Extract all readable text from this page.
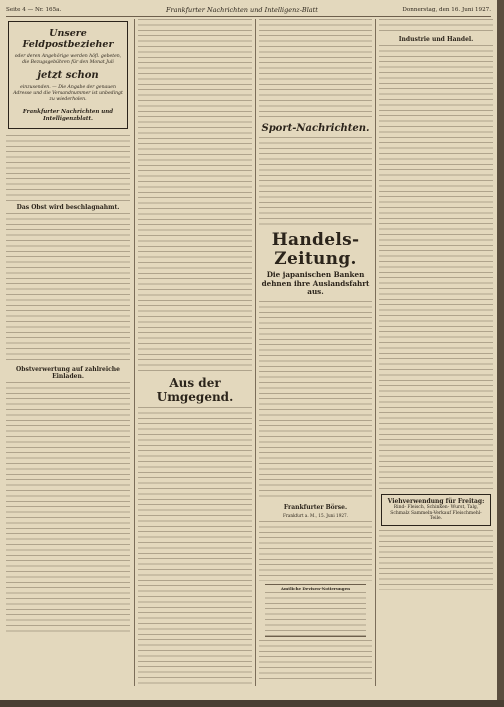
Seite 4 — Nr. 165a.	Frankfurter Nachrichten und Intelligenz-Blatt	Donnerstag, den 16. Juni 1927.
Unsere Feldpostbezieher
oder deren Angehörige werden höfl. gebeten, die Bezugsgebühren für den Monat Juli
jetzt schon
einzusenden. — Die Angabe der genauen Adresse und die Versandnummer ist unbedingt zu wiederholen.
Frankfurter Nachrichten und Intelligenzblatt.
Das Obst wird beschlagnahmt.
Obstverwertung auf zahlreiche Einladen.	Aus der Umgegend.
Sport-Nachrichten.
Handels-Zeitung.
Die japanischen Banken dehnen ihre Auslandsfahrt aus.
Frankfurter Börse.
Frankfurt a. M., 15. Juni 1927.
Amtliche Devisen-Notierungen
Industrie und Handel.
Viehverwendung für Freitag:
Rind- Fleisch, Schinken- Wurst, Talg, Schmalz Sammeln-Verkauf Fleischmehl-Teile.
